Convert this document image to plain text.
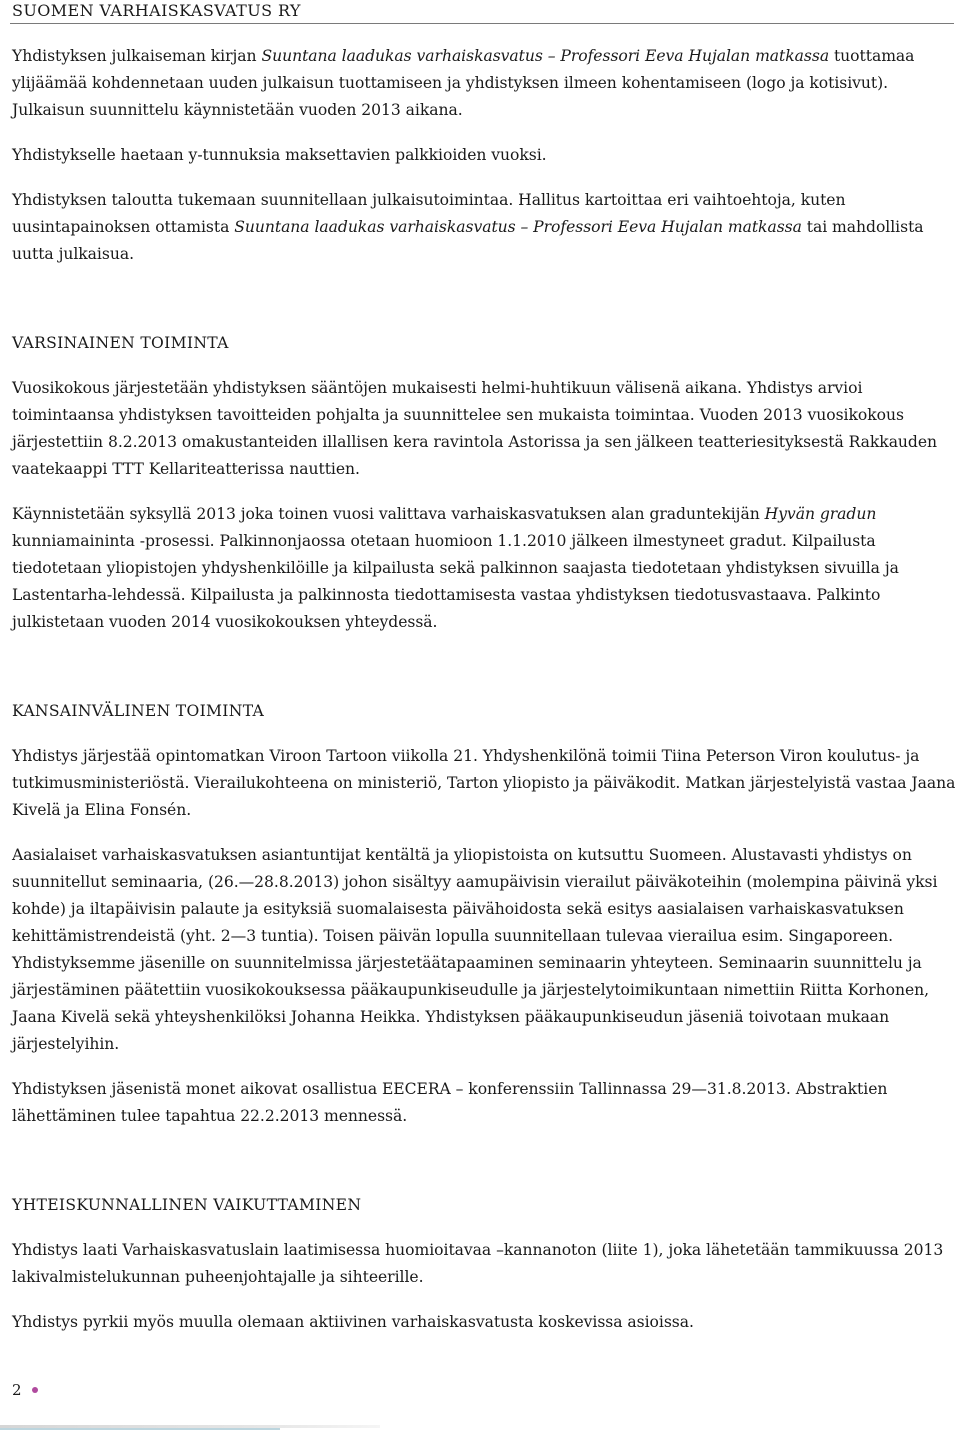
SUOMEN VARHAISKASVATUS RY

Yhdistyksen julkaiseman kirjan Suuntana laadukas varhaiskasvatus – Professori Eeva Hujalan matkassa tuottamaa ylijäämää kohdennetaan uuden julkaisun tuottamiseen ja yhdistyksen ilmeen kohentamiseen (logo ja kotisivut). Julkaisun suunnittelu käynnistetään vuoden 2013 aikana.

Yhdistykselle haetaan y-tunnuksia maksettavien palkkioiden vuoksi.

Yhdistyksen taloutta tukemaan suunnitellaan julkaisutoimintaa. Hallitus kartoittaa eri vaihtoehtoja, kuten uusintapainoksen ottamista Suuntana laadukas varhaiskasvatus – Professori Eeva Hujalan matkassa tai mahdollista uutta julkaisua.

VARSINAINEN TOIMINTA

Vuosikokous järjestetään yhdistyksen sääntöjen mukaisesti helmi-huhtikuun välisenä aikana. Yhdistys arvioi toimintaansa yhdistyksen tavoitteiden pohjalta ja suunnittelee sen mukaista toimintaa. Vuoden 2013 vuosikokous järjestettiin 8.2.2013 omakustanteiden illallisen kera ravintola Astorissa ja sen jälkeen teatteriesityksestä Rakkauden vaatekaappi TTT Kellariteatterissa nauttien.

Käynnistetään syksyllä 2013 joka toinen vuosi valittava varhaiskasvatuksen alan graduntekijän Hyvän gradun kunniamaininta -prosessi. Palkinnonjaossa otetaan huomioon 1.1.2010 jälkeen ilmestyneet gradut. Kilpailusta tiedotetaan yliopistojen yhdyshenkilöille ja kilpailusta sekä palkinnon saajasta tiedotetaan yhdistyksen sivuilla ja Lastentarha-lehdessä. Kilpailusta ja palkinnosta tiedottamisesta vastaa yhdistyksen tiedotusvastaava. Palkinto julkistetaan vuoden 2014 vuosikokouksen yhteydessä.

KANSAINVÄLINEN TOIMINTA

Yhdistys järjestää opintomatkan Viroon Tartoon viikolla 21. Yhdyshenkilönä toimii Tiina Peterson Viron koulutus- ja tutkimusministeriöstä. Vierailukohteena on ministeriö, Tarton yliopisto ja päiväkodit. Matkan järjestelyistä vastaa Jaana Kivelä ja Elina Fonsén.

Aasialaiset varhaiskasvatuksen asiantuntijat kentältä ja yliopistoista on kutsuttu Suomeen. Alustavasti yhdistys on suunnitellut seminaaria, (26.—28.8.2013) johon sisältyy aamupäivisin vierailut päiväkoteihin (molempina päivinä yksi kohde) ja iltapäivisin palaute ja esityksiä suomalaisesta päivähoidosta sekä esitys aasialaisen varhaiskasvatuksen kehittämistrendeistä (yht. 2—3 tuntia). Toisen päivän lopulla suunnitellaan tulevaa vierailua esim. Singaporeen. Yhdistyksemme jäsenille on suunnitelmissa järjestetäätapaaminen seminaarin yhteyteen. Seminaarin suunnittelu ja järjestäminen päätettiin vuosikokouksessa pääkaupunkiseudulle ja järjestelytoimikuntaan nimettiin Riitta Korhonen, Jaana Kivelä sekä yhteyshenkilöksi Johanna Heikka. Yhdistyksen pääkaupunkiseudun jäseniä toivotaan mukaan järjestelyihin.

Yhdistyksen jäsenistä monet aikovat osallistua EECERA – konferenssiin Tallinnassa 29—31.8.2013. Abstraktien lähettäminen tulee tapahtua 22.2.2013 mennessä.

YHTEISKUNNALLINEN VAIKUTTAMINEN

Yhdistys laati Varhaiskasvatuslain laatimisessa huomioitavaa –kannanoton (liite 1), joka lähetetään tammikuussa 2013 lakivalmistelukunnan puheenjohtajalle ja sihteerille.

Yhdistys pyrkii myös muulla olemaan aktiivinen varhaiskasvatusta koskevissa asioissa.

2
